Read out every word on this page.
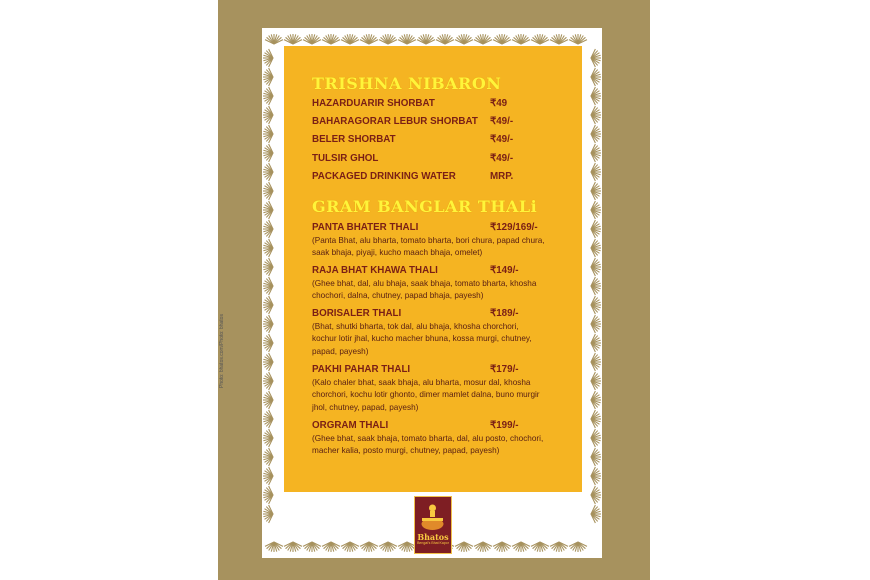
Photo: bhatos.com/Photo: bhatos
TRISHNA NIBARON
HAZARDUARIR SHORBAT	₹49
BAHARAGORAR LEBUR SHORBAT ₹49/-
BELER SHORBAT	₹49/-
TULSIR GHOL	₹49/-
PACKAGED DRINKING WATER	MRP.
GRAM BANGLAR THALi
PANTA BHATER THALI	₹129/169/-
(Panta Bhat, alu bharta, tomato bharta, bori chura, papad chura,
saak bhaja, piyaji, kucho maach bhaja, omelet)
RAJA BHAT KHAWA THALI	₹149/-
(Ghee bhat, dal, alu bhaja, saak bhaja, tomato bharta, khosha
chochori, dalna, chutney, papad bhaja, payesh)
BORISALER THALI	₹189/-
(Bhat, shutki bharta, tok dal, alu bhaja, khosha chorchori,
kochur lotir jhal, kucho macher bhuna, kossa murgi, chutney,
papad, payesh)
PAKHI PAHAR THALI	₹179/-
(Kalo chaler bhat, saak bhaja, alu bharta, mosur dal, khosha
chorchori, kochu lotir ghonto, dimer mamlet dalna, buno murgir
jhol, chutney, papad, payesh)
ORGRAM THALI	₹199/-
(Ghee bhat, saak bhaja, tomato bharta, dal, alu posto, chochori,
macher kalia, posto murgi, chutney, papad, payesh)
Bhatos
Bengal's Bhat Kapor
